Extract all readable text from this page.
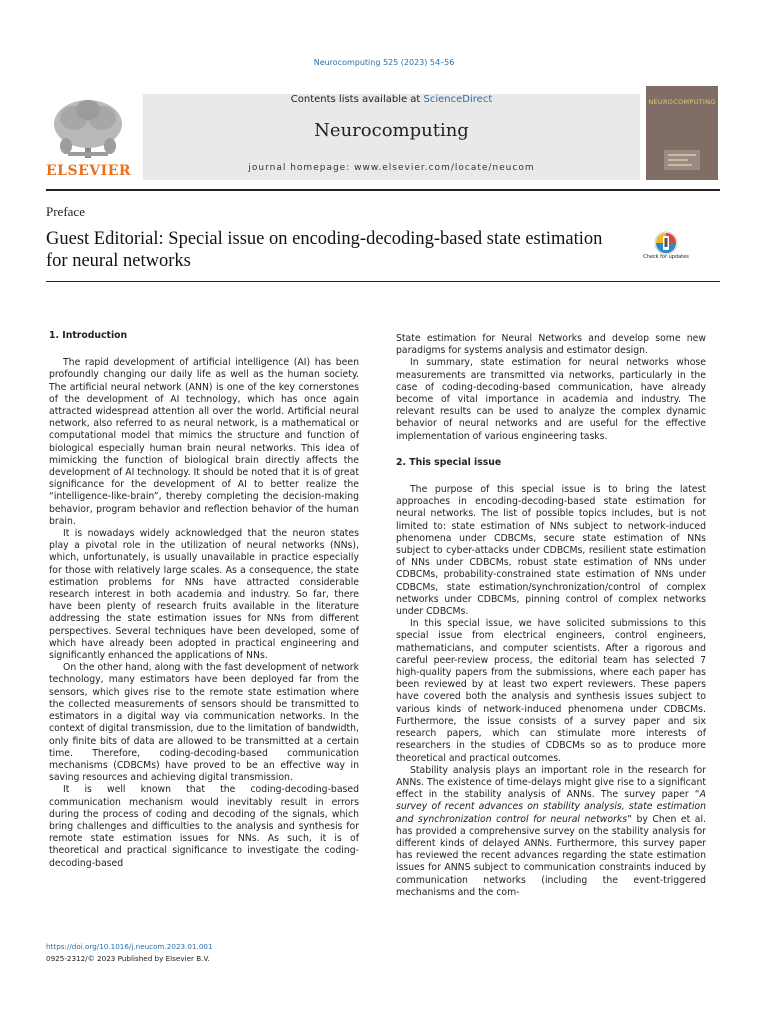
Neurocomputing 525 (2023) 54–56
Contents lists available at ScienceDirect
Neurocomputing
journal homepage: www.elsevier.com/locate/neucom
ELSEVIER
NEUROCOMPUTING
Preface
Guest Editorial: Special issue on encoding-decoding-based state estimation for neural networks	Check for updates
1. Introduction

The rapid development of artificial intelligence (AI) has been profoundly changing our daily life as well as the human society. The artificial neural network (ANN) is one of the key cornerstones of the development of AI technology, which has once again attracted widespread attention all over the world. Artificial neural network, also referred to as neural network, is a mathematical or computational model that mimics the structure and function of biological especially human brain neural networks. This idea of mimicking the function of biological brain directly affects the development of AI technology. It should be noted that it is of great significance for the development of AI to better realize the “intelligence-like-brain”, thereby completing the decision-making behavior, program behavior and reflection behavior of the human brain.

It is nowadays widely acknowledged that the neuron states play a pivotal role in the utilization of neural networks (NNs), which, unfortunately, is usually unavailable in practice especially for those with relatively large scales. As a consequence, the state estimation problems for NNs have attracted considerable research interest in both academia and industry. So far, there have been plenty of research fruits available in the literature addressing the state estimation issues for NNs from different perspectives. Several techniques have been developed, some of which have already been adopted in practical engineering and significantly enhanced the applications of NNs.

On the other hand, along with the fast development of network technology, many estimators have been deployed far from the sensors, which gives rise to the remote state estimation where the collected measurements of sensors should be transmitted to estimators in a digital way via communication networks. In the context of digital transmission, due to the limitation of bandwidth, only finite bits of data are allowed to be transmitted at a certain time. Therefore, coding-decoding-based communication mechanisms (CDBCMs) have proved to be an effective way in saving resources and achieving digital transmission.

It is well known that the coding-decoding-based communication mechanism would inevitably result in errors during the process of coding and decoding of the signals, which bring challenges and difficulties to the analysis and synthesis for remote state estimation issues for NNs. As such, it is of theoretical and practical significance to investigate the coding-decoding-based

State estimation for Neural Networks and develop some new paradigms for systems analysis and estimator design.

In summary, state estimation for neural networks whose measurements are transmitted via networks, particularly in the case of coding-decoding-based communication, have already become of vital importance in academia and industry. The relevant results can be used to analyze the complex dynamic behavior of neural networks and are useful for the effective implementation of various engineering tasks.

2. This special issue

The purpose of this special issue is to bring the latest approaches in encoding-decoding-based state estimation for neural networks. The list of possible topics includes, but is not limited to: state estimation of NNs subject to network-induced phenomena under CDBCMs, secure state estimation of NNs subject to cyber-attacks under CDBCMs, resilient state estimation of NNs under CDBCMs, robust state estimation of NNs under CDBCMs, probability-constrained state estimation of NNs under CDBCMs, state estimation/synchronization/control of complex networks under CDBCMs, pinning control of complex networks under CDBCMs.

In this special issue, we have solicited submissions to this special issue from electrical engineers, control engineers, mathematicians, and computer scientists. After a rigorous and careful peer-review process, the editorial team has selected 7 high-quality papers from the submissions, where each paper has been reviewed by at least two expert reviewers. These papers have covered both the analysis and synthesis issues subject to various kinds of network-induced phenomena under CDBCMs. Furthermore, the issue consists of a survey paper and six research papers, which can stimulate more interests of researchers in the studies of CDBCMs so as to produce more theoretical and practical outcomes.

Stability analysis plays an important role in the research for ANNs. The existence of time-delays might give rise to a significant effect in the stability analysis of ANNs. The survey paper “A survey of recent advances on stability analysis, state estimation and synchronization control for neural networks” by Chen et al. has provided a comprehensive survey on the stability analysis for different kinds of delayed ANNs. Furthermore, this survey paper has reviewed the recent advances regarding the state estimation issues for ANNS subject to communication constraints induced by communication networks (including the event-triggered mechanisms and the com-

https://doi.org/10.1016/j.neucom.2023.01.001
0925-2312/© 2023 Published by Elsevier B.V.
